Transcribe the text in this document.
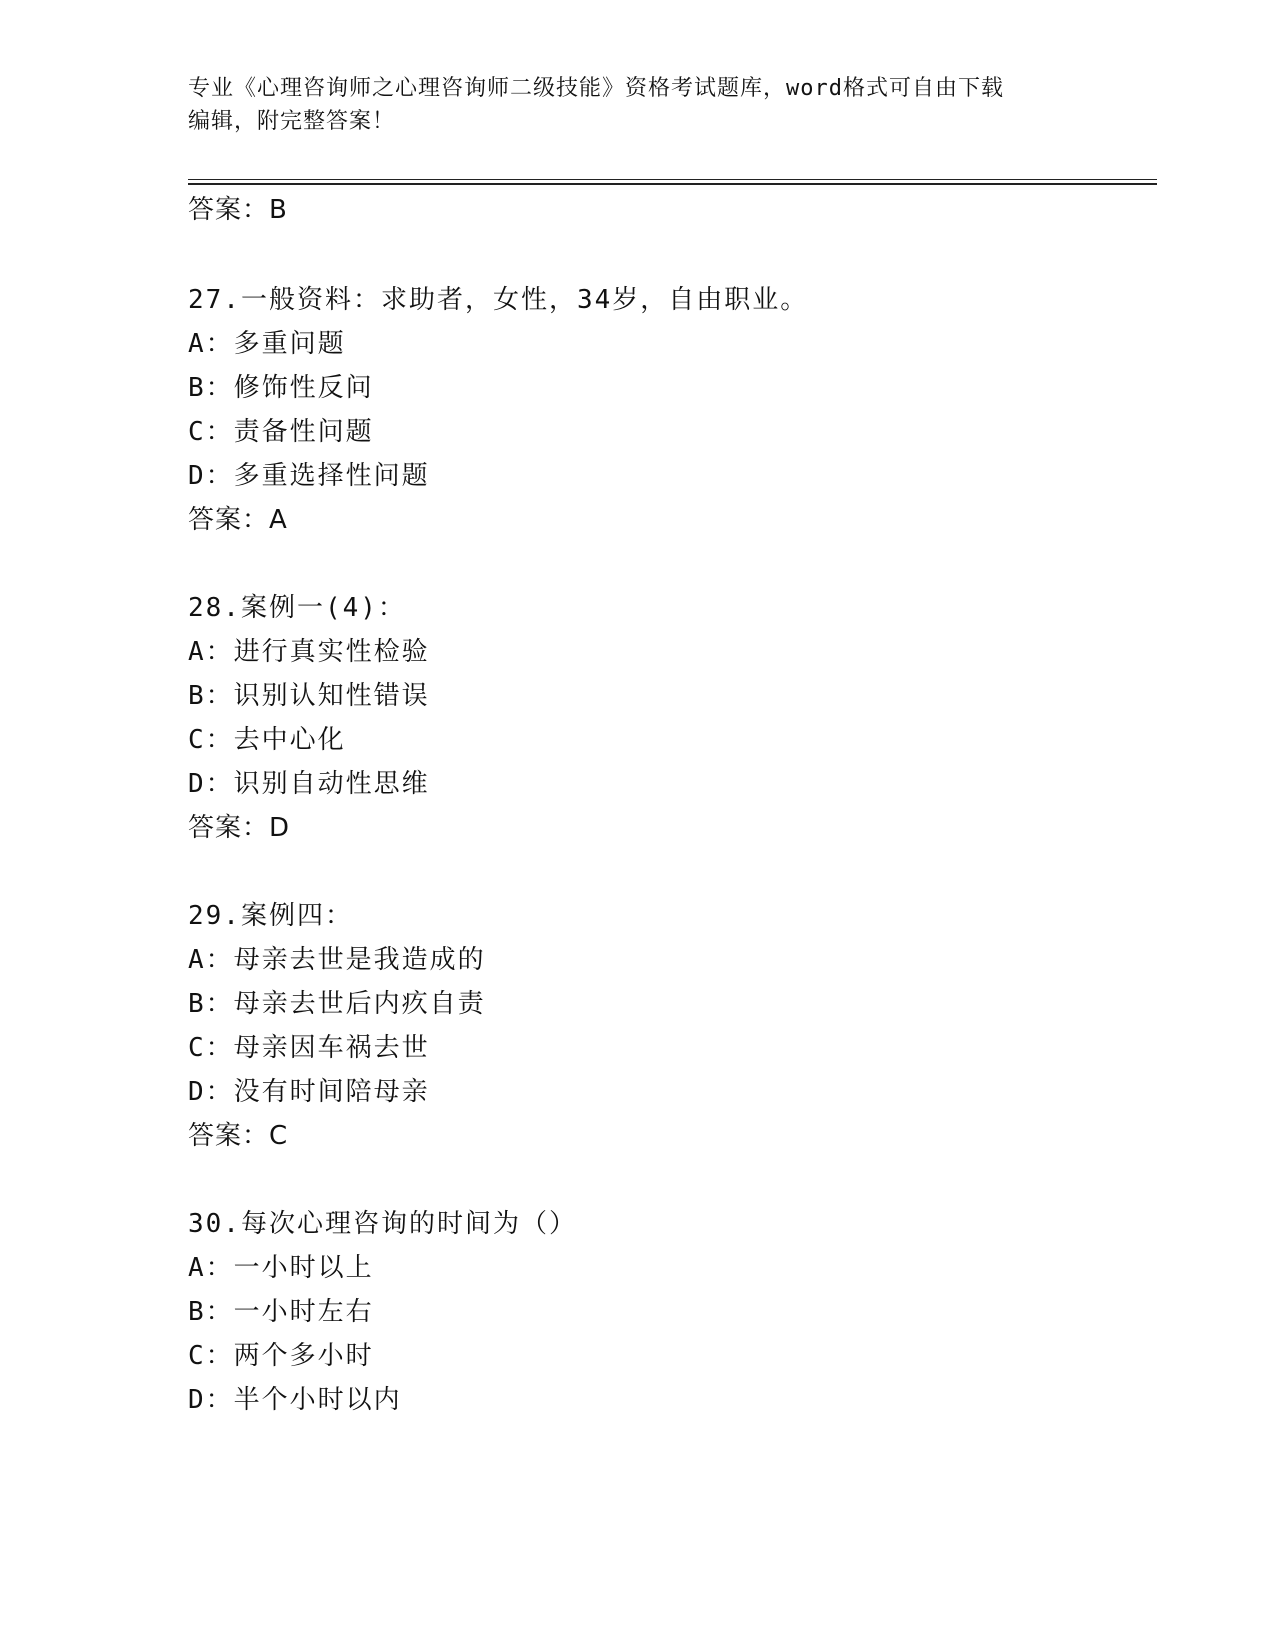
专业《心理咨询师之心理咨询师二级技能》资格考试题库，word格式可自由下载
编辑，附完整答案！
答案：B
27.一般资料：求助者，女性，34岁，自由职业。
A：多重问题
B：修饰性反问
C：责备性问题
D：多重选择性问题
答案：A
28.案例一(4)：
A：进行真实性检验
B：识别认知性错误
C：去中心化
D：识别自动性思维
答案：D
29.案例四：
A：母亲去世是我造成的
B：母亲去世后内疚自责
C：母亲因车祸去世
D：没有时间陪母亲
答案：C
30.每次心理咨询的时间为（）
A：一小时以上
B：一小时左右
C：两个多小时
D：半个小时以内
